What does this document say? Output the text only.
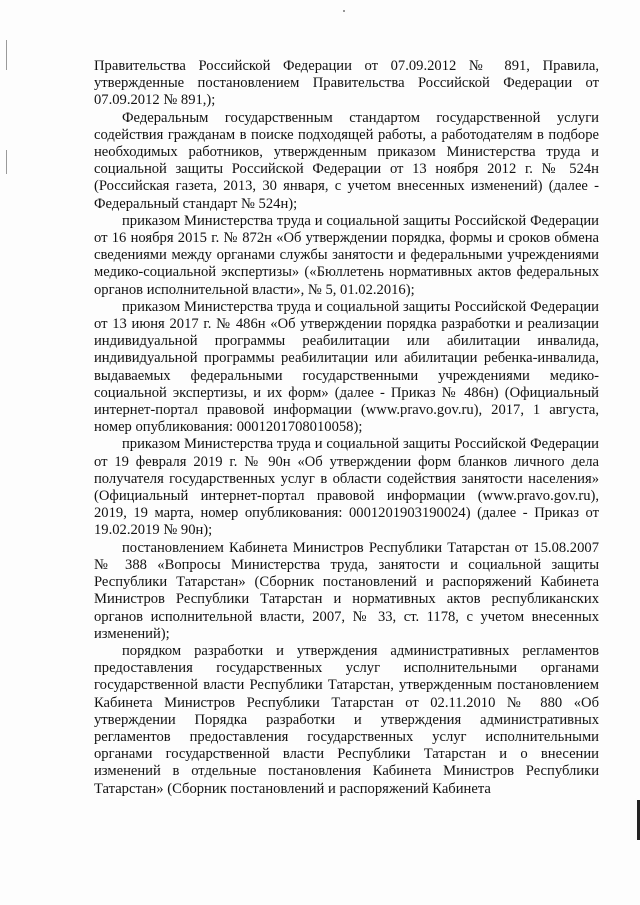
Правительства Российской Федерации от 07.09.2012 № 891, Правила, утвержденные постановлением Правительства Российской Федерации от 07.09.2012 № 891,);

Федеральным государственным стандартом государственной услуги содействия гражданам в поиске подходящей работы, а работодателям в подборе необходимых работников, утвержденным приказом Министерства труда и социальной защиты Российской Федерации от 13 ноября 2012 г. № 524н (Российская газета, 2013, 30 января, с учетом внесенных изменений) (далее - Федеральный стандарт № 524н);

приказом Министерства труда и социальной защиты Российской Федерации от 16 ноября 2015 г. № 872н «Об утверждении порядка, формы и сроков обмена сведениями между органами службы занятости и федеральными учреждениями медико-социальной экспертизы» («Бюллетень нормативных актов федеральных органов исполнительной власти», № 5, 01.02.2016);

приказом Министерства труда и социальной защиты Российской Федерации от 13 июня 2017 г. № 486н «Об утверждении порядка разработки и реализации индивидуальной программы реабилитации или абилитации инвалида, индивидуальной программы реабилитации или абилитации ребенка-инвалида, выдаваемых федеральными государственными учреждениями медико-социальной экспертизы, и их форм» (далее - Приказ № 486н) (Официальный интернет-портал правовой информации (www.pravo.gov.ru), 2017, 1 августа, номер опубликования: 0001201708010058);

приказом Министерства труда и социальной защиты Российской Федерации от 19 февраля 2019 г. № 90н «Об утверждении форм бланков личного дела получателя государственных услуг в области содействия занятости населения» (Официальный интернет-портал правовой информации (www.pravo.gov.ru), 2019, 19 марта, номер опубликования: 0001201903190024) (далее - Приказ от 19.02.2019 № 90н);

постановлением Кабинета Министров Республики Татарстан от 15.08.2007 № 388 «Вопросы Министерства труда, занятости и социальной защиты Республики Татарстан» (Сборник постановлений и распоряжений Кабинета Министров Республики Татарстан и нормативных актов республиканских органов исполнительной власти, 2007, № 33, ст. 1178, с учетом внесенных изменений);

порядком разработки и утверждения административных регламентов предоставления государственных услуг исполнительными органами государственной власти Республики Татарстан, утвержденным постановлением Кабинета Министров Республики Татарстан от 02.11.2010 № 880 «Об утверждении Порядка разработки и утверждения административных регламентов предоставления государственных услуг исполнительными органами государственной власти Республики Татарстан и о внесении изменений в отдельные постановления Кабинета Министров Республики Татарстан» (Сборник постановлений и распоряжений Кабинета
